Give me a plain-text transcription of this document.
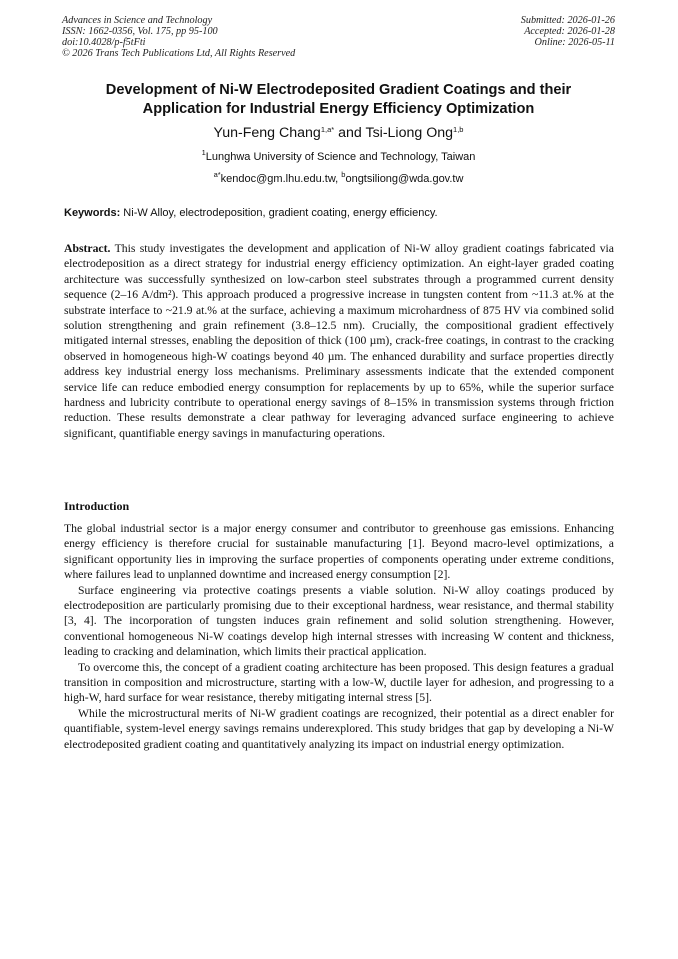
Advances in Science and Technology
ISSN: 1662-0356, Vol. 175, pp 95-100
doi:10.4028/p-f5tFti
© 2026 Trans Tech Publications Ltd, All Rights Reserved
Submitted: 2026-01-26
Accepted: 2026-01-28
Online: 2026-05-11
Development of Ni-W Electrodeposited Gradient Coatings and their
Application for Industrial Energy Efficiency Optimization
Yun-Feng Chang$^{1,a*}$ and Tsi-Liong Ong$^{1,b}$
$^1$Lunghwa University of Science and Technology, Taiwan
$^{a*}$kendoc@gm.lhu.edu.tw, $^b$ongtsiliong@wda.gov.tw
Keywords: Ni-W Alloy, electrodeposition, gradient coating, energy efficiency.

Abstract. This study investigates the development and application of Ni-W alloy gradient coatings fabricated via electrodeposition as a direct strategy for industrial energy efficiency optimization. An eight-layer graded coating architecture was successfully synthesized on low-carbon steel substrates through a programmed current density sequence (2–16 A/dm²). This approach produced a progressive increase in tungsten content from ~11.3 at.% at the substrate interface to ~21.9 at.% at the surface, achieving a maximum microhardness of 875 HV via combined solid solution strengthening and grain refinement (3.8–12.5 nm). Crucially, the compositional gradient effectively mitigated internal stresses, enabling the deposition of thick (100 µm), crack-free coatings, in contrast to the cracking observed in homogeneous high-W coatings beyond 40 µm. The enhanced durability and surface properties directly address key industrial energy loss mechanisms. Preliminary assessments indicate that the extended component service life can reduce embodied energy consumption for replacements by up to 65%, while the superior surface hardness and lubricity contribute to operational energy savings of 8–15% in transmission systems through friction reduction. These results demonstrate a clear pathway for leveraging advanced surface engineering to achieve significant, quantifiable energy savings in manufacturing operations.

Introduction

The global industrial sector is a major energy consumer and contributor to greenhouse gas emissions. Enhancing energy efficiency is therefore crucial for sustainable manufacturing [1]. Beyond macro-level optimizations, a significant opportunity lies in improving the surface properties of components operating under extreme conditions, where failures lead to unplanned downtime and increased energy consumption [2].

Surface engineering via protective coatings presents a viable solution. Ni-W alloy coatings produced by electrodeposition are particularly promising due to their exceptional hardness, wear resistance, and thermal stability [3, 4]. The incorporation of tungsten induces grain refinement and solid solution strengthening. However, conventional homogeneous Ni-W coatings develop high internal stresses with increasing W content and thickness, leading to cracking and delamination, which limits their practical application.

To overcome this, the concept of a gradient coating architecture has been proposed. This design features a gradual transition in composition and microstructure, starting with a low-W, ductile layer for adhesion, and progressing to a high-W, hard surface for wear resistance, thereby mitigating internal stress [5].

While the microstructural merits of Ni-W gradient coatings are recognized, their potential as a direct enabler for quantifiable, system-level energy savings remains underexplored. This study bridges that gap by developing a Ni-W electrodeposited gradient coating and quantitatively analyzing its impact on industrial energy optimization.
